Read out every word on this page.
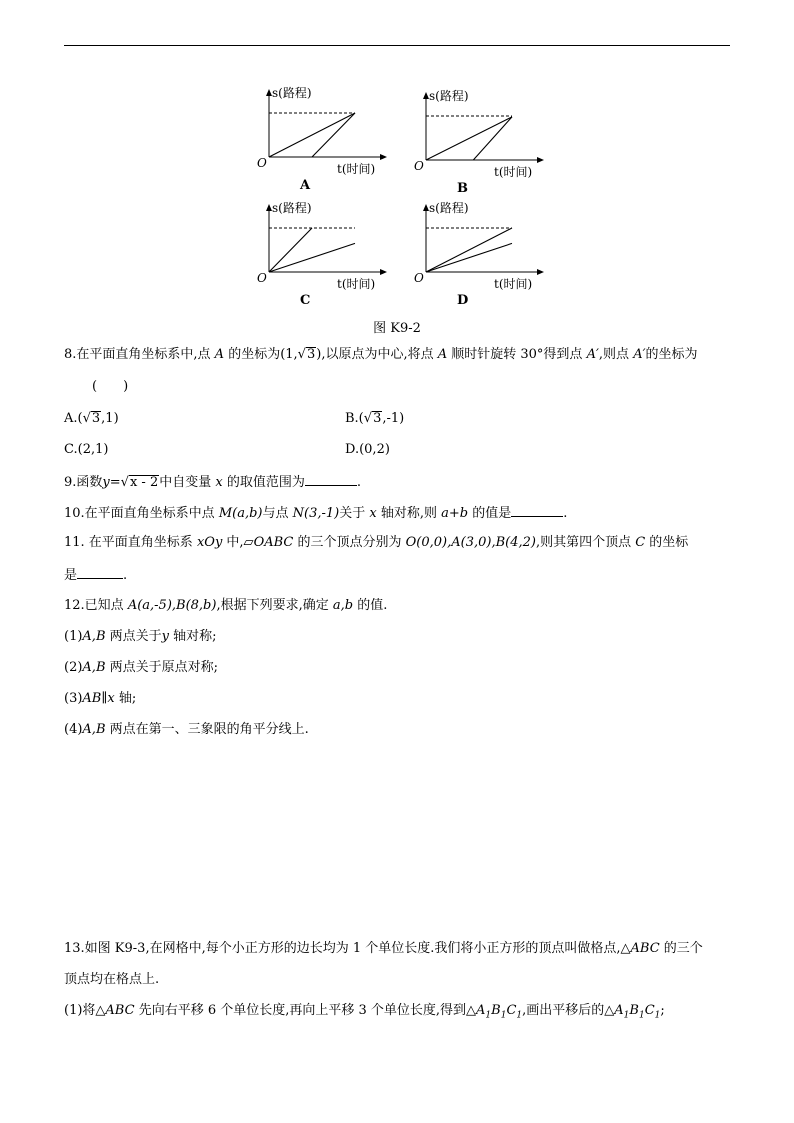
s(路程)
t(时间)
O
A
s(路程)
t(时间)
O
B
s(路程)
t(时间)
O
C
s(路程)
t(时间)
O
D
图 K9-2
8.在平面直角坐标系中,点 A 的坐标为(1,√3),以原点为中心,将点 A 顺时针旋转 30°得到点 A′,则点 A′的坐标为
(　　)
A.(√3,1)	B.(√3,-1)
C.(2,1)	D.(0,2)
9.函数y=√x - 2中自变量 x 的取值范围为	.
10.在平面直角坐标系中点 M(a,b)与点 N(3,-1)关于 x 轴对称,则 a+b 的值是	.
11. 在平面直角坐标系 xOy 中,▱OABC 的三个顶点分别为 O(0,0),A(3,0),B(4,2),则其第四个顶点 C 的坐标
是	.
12.已知点 A(a,-5),B(8,b),根据下列要求,确定 a,b 的值.
(1)A,B 两点关于y 轴对称;
(2)A,B 两点关于原点对称;
(3)AB∥x 轴;
(4)A,B 两点在第一、三象限的角平分线上.
13.如图 K9-3,在网格中,每个小正方形的边长均为 1 个单位长度.我们将小正方形的顶点叫做格点,△ABC 的三个
顶点均在格点上.
(1)将△ABC 先向右平移 6 个单位长度,再向上平移 3 个单位长度,得到$\triangle A_1B_1C_1$,画出平移后的$\triangle A_1B_1C_1$;
